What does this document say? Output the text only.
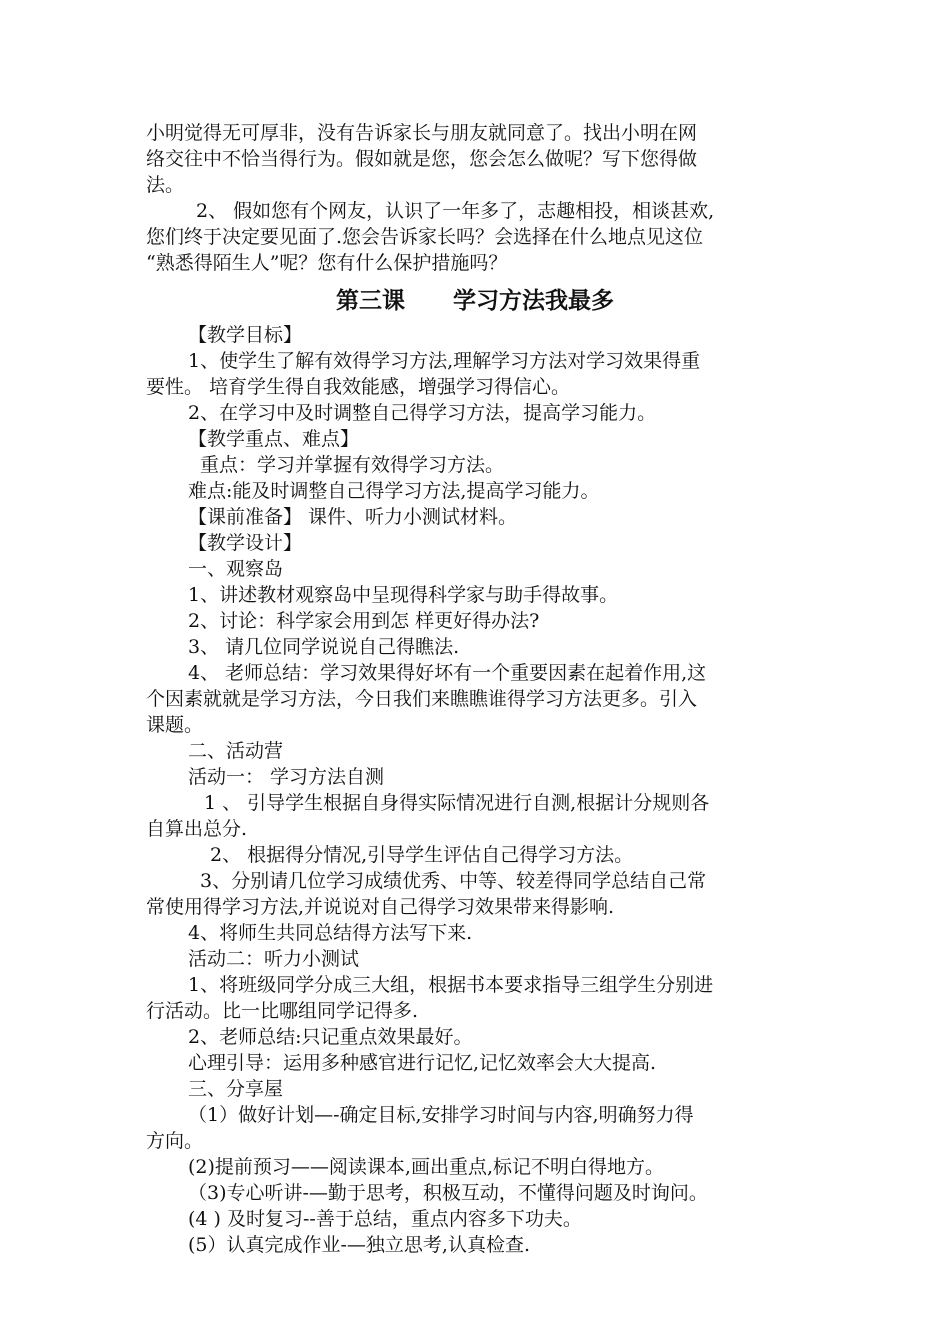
小明觉得无可厚非，没有告诉家长与朋友就同意了。找出小明在网
络交往中不恰当得行为。假如就是您，您会怎么做呢？写下您得做
法。
2、 假如您有个网友，认识了一年多了，志趣相投，相谈甚欢,
您们终于决定要见面了.您会告诉家长吗？会选择在什么地点见这位
“熟悉得陌生人”呢？您有什么保护措施吗？
第三课      学习方法我最多
【教学目标】
1、使学生了解有效得学习方法,理解学习方法对学习效果得重
要性。 培育学生得自我效能感，增强学习得信心。
2、在学习中及时调整自己得学习方法，提高学习能力。
【教学重点、难点】
重点：学习并掌握有效得学习方法。
难点:能及时调整自己得学习方法,提高学习能力。
【课前准备】 课件、听力小测试材料。
【教学设计】
一、观察岛
1、讲述教材观察岛中呈现得科学家与助手得故事。
2、讨论：科学家会用到怎 样更好得办法?
3、 请几位同学说说自己得瞧法.
4、 老师总结：学习效果得好坏有一个重要因素在起着作用,这
个因素就就是学习方法，今日我们来瞧瞧谁得学习方法更多。引入
课题。
二、活动营
活动一： 学习方法自测
1 、 引导学生根据自身得实际情况进行自测,根据计分规则各
自算出总分.
2、 根据得分情况,引导学生评估自己得学习方法。
3、分别请几位学习成绩优秀、中等、较差得同学总结自己常
常使用得学习方法,并说说对自己得学习效果带来得影响.
4、将师生共同总结得方法写下来.
活动二：听力小测试
1、将班级同学分成三大组，根据书本要求指导三组学生分别进
行活动。比一比哪组同学记得多.
2、老师总结:只记重点效果最好。
心理引导：运用多种感官进行记忆,记忆效率会大大提高.
三、分享屋
（1）做好计划—-确定目标,安排学习时间与内容,明确努力得
方向。
(2)提前预习——阅读课本,画出重点,标记不明白得地方。
（3)专心听讲-—勤于思考，积极互动，不懂得问题及时询问。
(4 ) 及时复习--善于总结，重点内容多下功夫。
(5）认真完成作业-—独立思考,认真检查.
